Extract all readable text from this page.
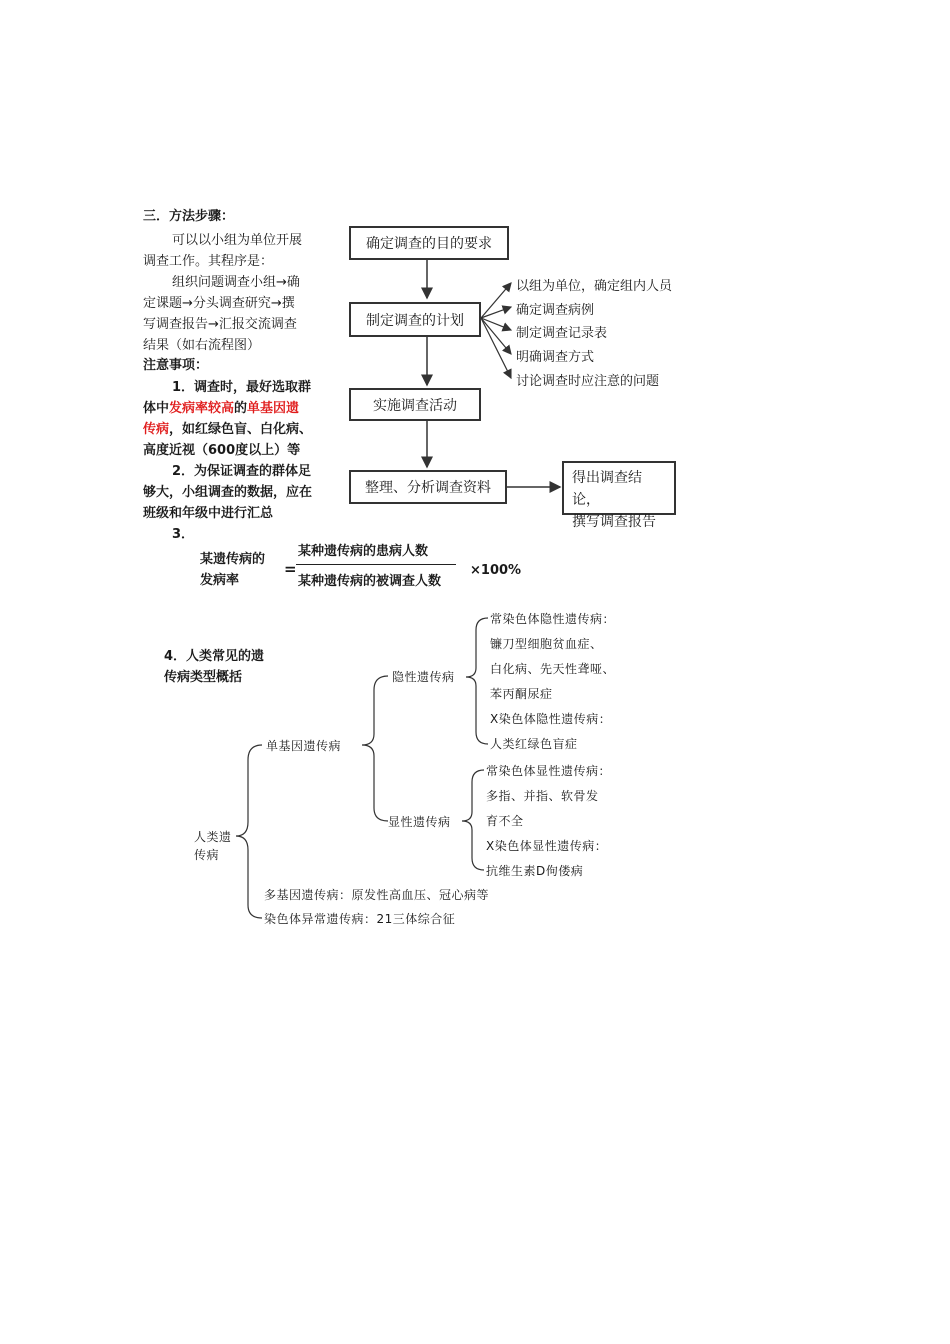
三．方法步骤：
可以以小组为单位开展
调查工作。其程序是：
组织问题调查小组→确
定课题→分头调查研究→撰
写调查报告→汇报交流调查
结果（如右流程图）
注意事项：
1．调查时，最好选取群
体中发病率较高的单基因遗
传病，如红绿色盲、白化病、
高度近视（600度以上）等
2．为保证调查的群体足
够大，小组调查的数据，应在
班级和年级中进行汇总
3．
某遗传病的
发病率
=
某种遗传病的患病人数
某种遗传病的被调查人数
×100%
确定调查的目的要求
制定调查的计划
实施调查活动
整理、分析调查资料
得出调查结论，
撰写调查报告
以组为单位，确定组内人员
确定调查病例
制定调查记录表
明确调查方式
讨论调查时应注意的问题
4．人类常见的遗
传病类型概括
人类遗
传病
单基因遗传病
隐性遗传病
显性遗传病
常染色体隐性遗传病：
镰刀型细胞贫血症、
白化病、先天性聋哑、
苯丙酮尿症
X染色体隐性遗传病：
人类红绿色盲症
常染色体显性遗传病：
多指、并指、软骨发
育不全
X染色体显性遗传病：
抗维生素D佝偻病
多基因遗传病：原发性高血压、冠心病等
染色体异常遗传病：21三体综合征
